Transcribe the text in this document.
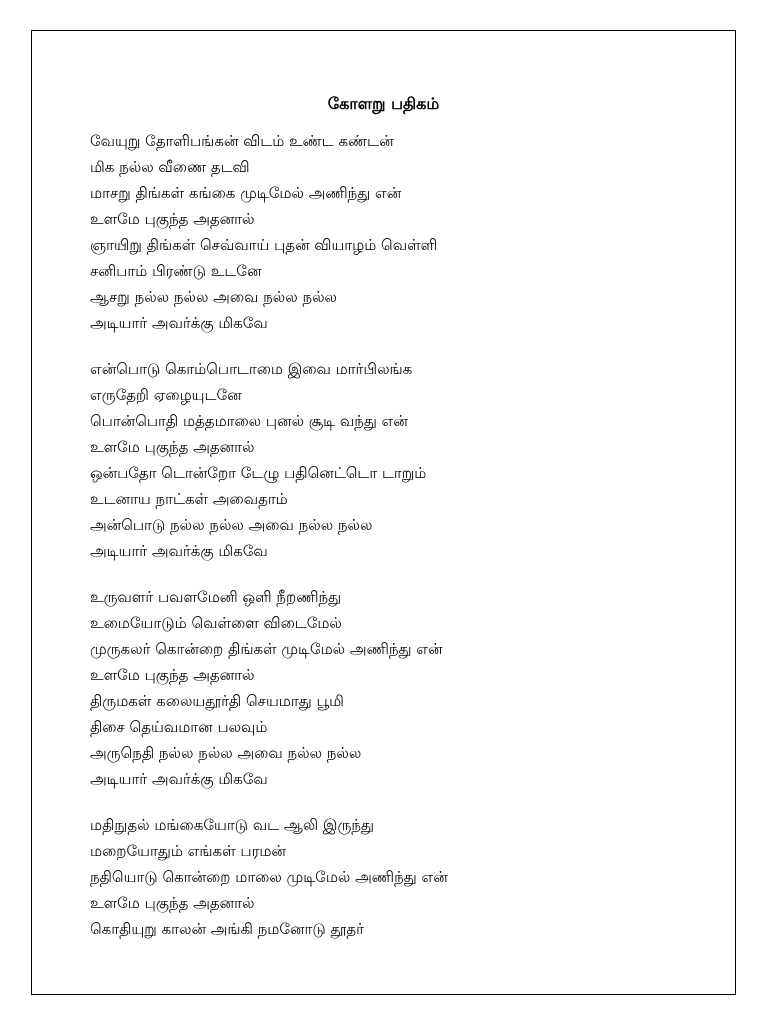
கோளறு பதிகம்
வேயுறு தோளிபங்கன் விடம் உண்ட கண்டன்
மிக நல்ல வீணை தடவி
மாசறு திங்கள் கங்கை முடிமேல் அணிந்து என்
உளமே புகுந்த அதனால்
ஞாயிறு திங்கள் செவ்வாய் புதன் வியாழம் வெள்ளி
சனிபாம் பிரண்டு உடனே
ஆசறு நல்ல நல்ல அவை நல்ல நல்ல
அடியார் அவர்க்கு மிகவே
என்பொடு கொம்பொடாமை இவை மார்பிலங்க
எருதேறி ஏழையுடனே
பொன்பொதி மத்தமாலை புனல் சூடி வந்து என்
உளமே புகுந்த அதனால்
ஒன்பதோ டொன்றோ டேழு பதினெட்டொ டாறும்
உடனாய நாட்கள் அவைதாம்
அன்பொடு நல்ல நல்ல அவை நல்ல நல்ல
அடியார் அவர்க்கு மிகவே
உருவளர் பவளமேனி ஒளி நீறணிந்து
உமையோடும் வெள்ளை விடைமேல்
முருகலர் கொன்றை திங்கள் முடிமேல் அணிந்து என்
உளமே புகுந்த அதனால்
திருமகள் கலையதூர்தி செயமாது பூமி
திசை தெய்வமான பலவும்
அருநெதி நல்ல நல்ல அவை நல்ல நல்ல
அடியார் அவர்க்கு மிகவே
மதிநுதல் மங்கையோடு வட ஆலி இருந்து
மறையோதும் எங்கள் பரமன்
நதியொடு கொன்றை மாலை முடிமேல் அணிந்து என்
உளமே புகுந்த அதனால்
கொதியுறு காலன் அங்கி நமனோடு தூதர்
